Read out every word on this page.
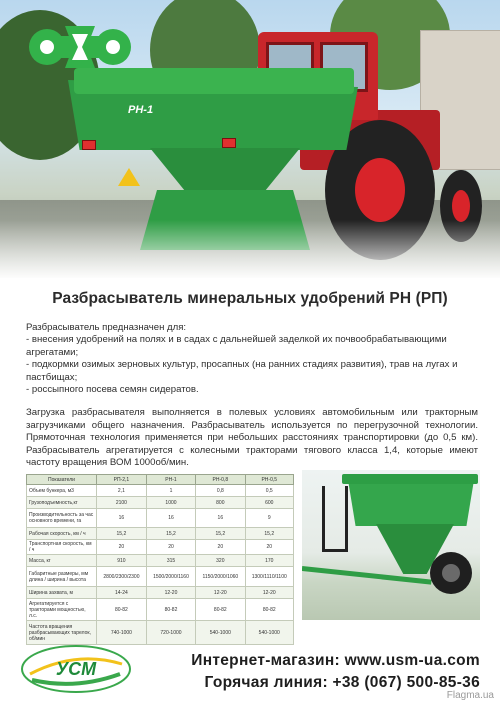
PH-1
Разбрасыватель минеральных удобрений РН (РП)

Разбрасыватель предназначен для:

- внесения удобрений на полях и в садах с дальнейшей заделкой их почвообрабатывающими агрегатами;

- подкормки озимых зерновых культур, просапных (на ранних стадиях развития), трав на лугах и пастбищах;

- россыпного посева семян сидератов.

Загрузка разбрасывателя выполняется в полевых условиях автомобильным или тракторным загрузчиками общего назначения. Разбрасыватель используется по перегрузочной технологии. Прямоточная технология применяется при небольших расстояниях транспортировки (до 0,5 км). Разбрасыватель агрегатируется с колесными тракторами тягового класса 1,4, которые имеют частоту вращения ВОМ 1000об/мин.

Показатели	РП-2,1	РН-1	РН-0,8	РН-0,5
Объем бункера, м3	2,1	1	0,8	0,5
Грузоподъемность,кг	2100	1000	800	600
Производительность за час основного времени, га	16	16	16	9
Рабочая скорость, км / ч	15,2	15,2	15,2	15,2
Транспортная скорость, км / ч	20	20	20	20
Масса, кг	910	315	320	170
Габаритные размеры, мм длина / ширина / высота	2800/2300/2300	1500/2000/1160	1150/2000/1060	1300/1110/1100
Ширина захвата, м	14-24	12-20	12-20	12-20
Агрегатируется с тракторами мощностью, л.с.	80-82	80-82	80-82	80-82
Частота вращения разбрасывающих тарелок, об/мин	740-1000	720-1000	540-1000	540-1000
УСМ	Интернет-магазин: www.usm-ua.com
Горячая линия: +38 (067) 500-85-36
Flagma.ua
